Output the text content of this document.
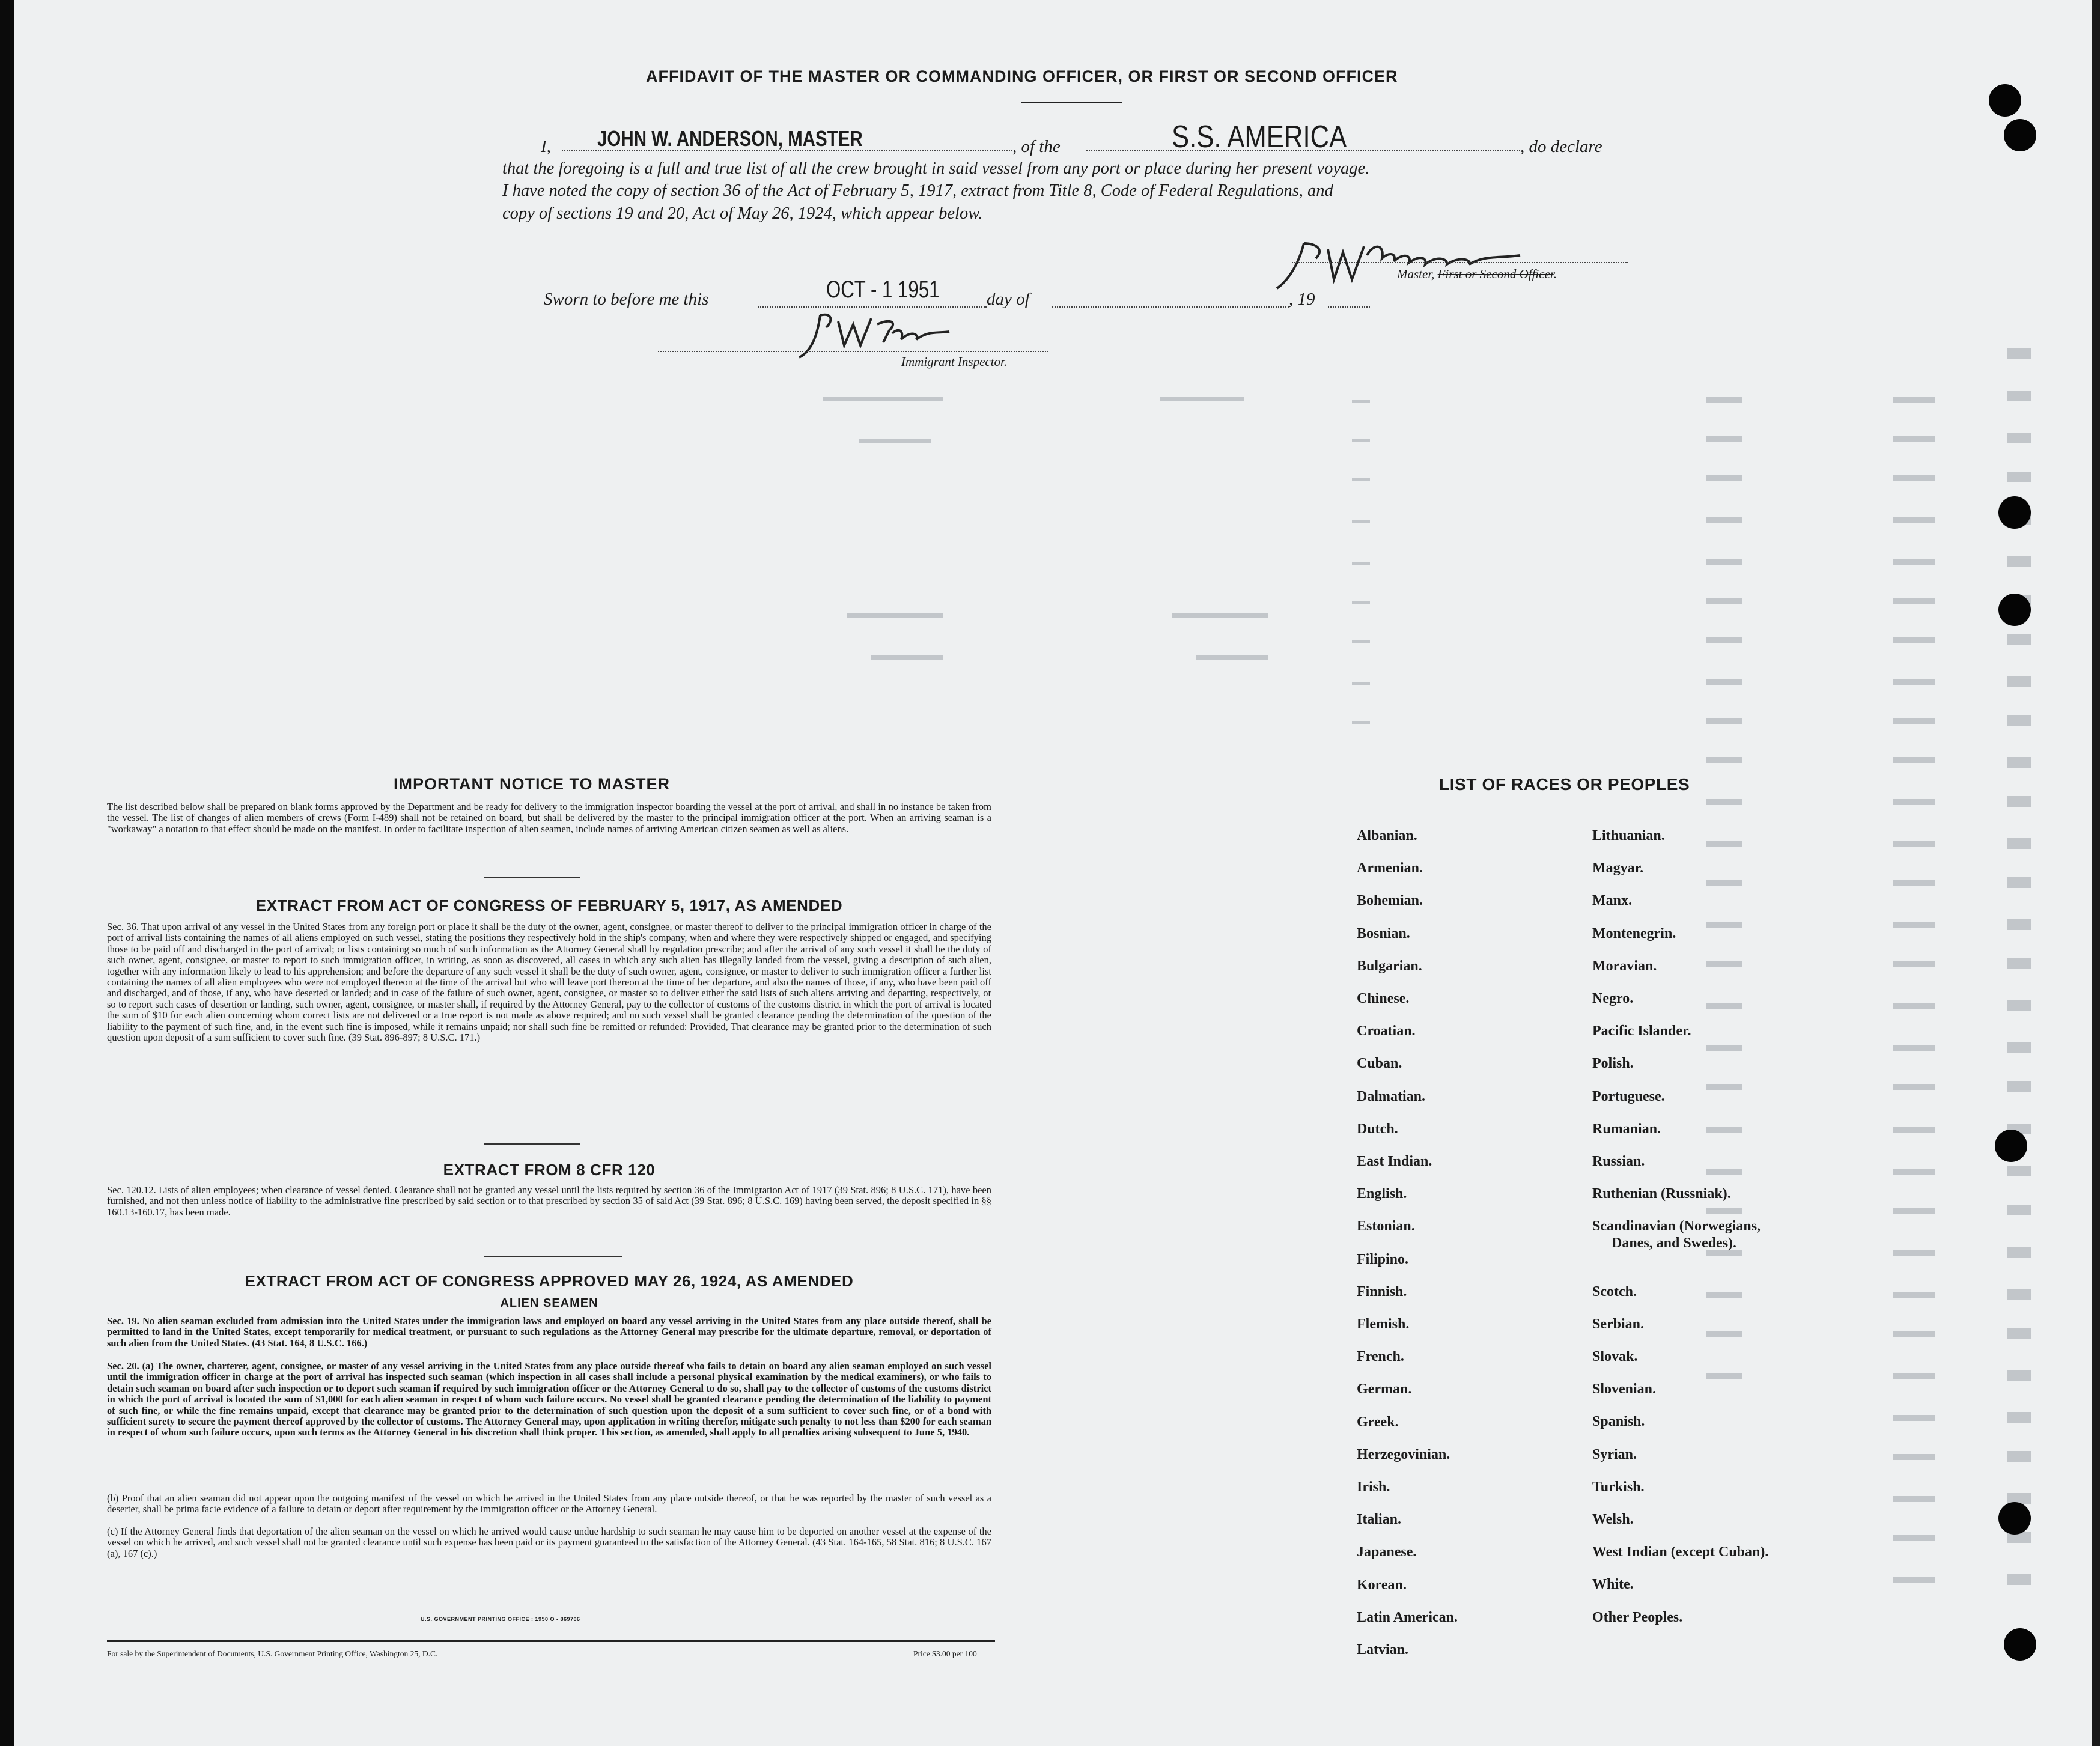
AFFIDAVIT OF THE MASTER OR COMMANDING OFFICER, OR FIRST OR SECOND OFFICER
I, JOHN W. ANDERSON, MASTER	, of the	S.S. AMERICA	, do declare
that the foregoing is a full and true list of all the crew brought in said vessel from any port or place during her present voyage.
I have noted the copy of section 36 of the Act of February 5, 1917, extract from Title 8, Code of Federal Regulations, and
copy of sections 19 and 20, Act of May 26, 1924, which appear below.
Master, First or Second Officer.
Sworn to before me this	OCT - 1 1951	day of	, 19
Immigrant Inspector.
IMPORTANT NOTICE TO MASTER
The list described below shall be prepared on blank forms approved by the Department and be ready for delivery to the immigration inspector boarding the vessel at the port of arrival, and shall in no instance be taken from the vessel. The list of changes of alien members of crews (Form I-489) shall not be retained on board, but shall be delivered by the master to the principal immigration officer at the port. When an arriving seaman is a "workaway" a notation to that effect should be made on the manifest. In order to facilitate inspection of alien seamen, include names of arriving American citizen seamen as well as aliens.
EXTRACT FROM ACT OF CONGRESS OF FEBRUARY 5, 1917, AS AMENDED
Sec. 36. That upon arrival of any vessel in the United States from any foreign port or place it shall be the duty of the owner, agent, consignee, or master thereof to deliver to the principal immigration officer in charge of the port of arrival lists containing the names of all aliens employed on such vessel, stating the positions they respectively hold in the ship's company, when and where they were respectively shipped or engaged, and specifying those to be paid off and discharged in the port of arrival; or lists containing so much of such information as the Attorney General shall by regulation prescribe; and after the arrival of any such vessel it shall be the duty of such owner, agent, consignee, or master to report to such immigration officer, in writing, as soon as discovered, all cases in which any such alien has illegally landed from the vessel, giving a description of such alien, together with any information likely to lead to his apprehension; and before the departure of any such vessel it shall be the duty of such owner, agent, consignee, or master to deliver to such immigration officer a further list containing the names of all alien employees who were not employed thereon at the time of the arrival but who will leave port thereon at the time of her departure, and also the names of those, if any, who have been paid off and discharged, and of those, if any, who have deserted or landed; and in case of the failure of such owner, agent, consignee, or master so to deliver either the said lists of such aliens arriving and departing, respectively, or so to report such cases of desertion or landing, such owner, agent, consignee, or master shall, if required by the Attorney General, pay to the collector of customs of the customs district in which the port of arrival is located the sum of $10 for each alien concerning whom correct lists are not delivered or a true report is not made as above required; and no such vessel shall be granted clearance pending the determination of the question of the liability to the payment of such fine, and, in the event such fine is imposed, while it remains unpaid; nor shall such fine be remitted or refunded: Provided, That clearance may be granted prior to the determination of such question upon deposit of a sum sufficient to cover such fine. (39 Stat. 896-897; 8 U.S.C. 171.)
EXTRACT FROM 8 CFR 120
Sec. 120.12. Lists of alien employees; when clearance of vessel denied. Clearance shall not be granted any vessel until the lists required by section 36 of the Immigration Act of 1917 (39 Stat. 896; 8 U.S.C. 171), have been furnished, and not then unless notice of liability to the administrative fine prescribed by said section or to that prescribed by section 35 of said Act (39 Stat. 896; 8 U.S.C. 169) having been served, the deposit specified in §§ 160.13-160.17, has been made.
EXTRACT FROM ACT OF CONGRESS APPROVED MAY 26, 1924, AS AMENDED
ALIEN SEAMEN
Sec. 19. No alien seaman excluded from admission into the United States under the immigration laws and employed on board any vessel arriving in the United States from any place outside thereof, shall be permitted to land in the United States, except temporarily for medical treatment, or pursuant to such regulations as the Attorney General may prescribe for the ultimate departure, removal, or deportation of such alien from the United States. (43 Stat. 164, 8 U.S.C. 166.)
Sec. 20. (a) The owner, charterer, agent, consignee, or master of any vessel arriving in the United States from any place outside thereof who fails to detain on board any alien seaman employed on such vessel until the immigration officer in charge at the port of arrival has inspected such seaman (which inspection in all cases shall include a personal physical examination by the medical examiners), or who fails to detain such seaman on board after such inspection or to deport such seaman if required by such immigration officer or the Attorney General to do so, shall pay to the collector of customs of the customs district in which the port of arrival is located the sum of $1,000 for each alien seaman in respect of whom such failure occurs. No vessel shall be granted clearance pending the determination of the liability to payment of such fine, or while the fine remains unpaid, except that clearance may be granted prior to the determination of such question upon the deposit of a sum sufficient to cover such fine, or of a bond with sufficient surety to secure the payment thereof approved by the collector of customs. The Attorney General may, upon application in writing therefor, mitigate such penalty to not less than $200 for each seaman in respect of whom such failure occurs, upon such terms as the Attorney General in his discretion shall think proper. This section, as amended, shall apply to all penalties arising subsequent to June 5, 1940.
(b) Proof that an alien seaman did not appear upon the outgoing manifest of the vessel on which he arrived in the United States from any place outside thereof, or that he was reported by the master of such vessel as a deserter, shall be prima facie evidence of a failure to detain or deport after requirement by the immigration officer or the Attorney General.
(c) If the Attorney General finds that deportation of the alien seaman on the vessel on which he arrived would cause undue hardship to such seaman he may cause him to be deported on another vessel at the expense of the vessel on which he arrived, and such vessel shall not be granted clearance until such expense has been paid or its payment guaranteed to the satisfaction of the Attorney General. (43 Stat. 164-165, 58 Stat. 816; 8 U.S.C. 167 (a), 167 (c).)
U.S. GOVERNMENT PRINTING OFFICE : 1950 O - 869706
For sale by the Superintendent of Documents, U.S. Government Printing Office, Washington 25, D.C.	Price $3.00 per 100
LIST OF RACES OR PEOPLES
Albanian.
Armenian.
Bohemian.
Bosnian.
Bulgarian.
Chinese.
Croatian.
Cuban.
Dalmatian.
Dutch.
East Indian.
English.
Estonian.
Filipino.
Finnish.
Flemish.
French.
German.
Greek.
Herzegovinian.
Irish.
Italian.
Japanese.
Korean.
Latin American.
Latvian.
Lithuanian.
Magyar.
Manx.
Montenegrin.
Moravian.
Negro.
Pacific Islander.
Polish.
Portuguese.
Rumanian.
Russian.
Ruthenian (Russniak).
Scandinavian (Norwegians,
Danes, and Swedes).
Scotch.
Serbian.
Slovak.
Slovenian.
Spanish.
Syrian.
Turkish.
Welsh.
West Indian (except Cuban).
White.
Other Peoples.
